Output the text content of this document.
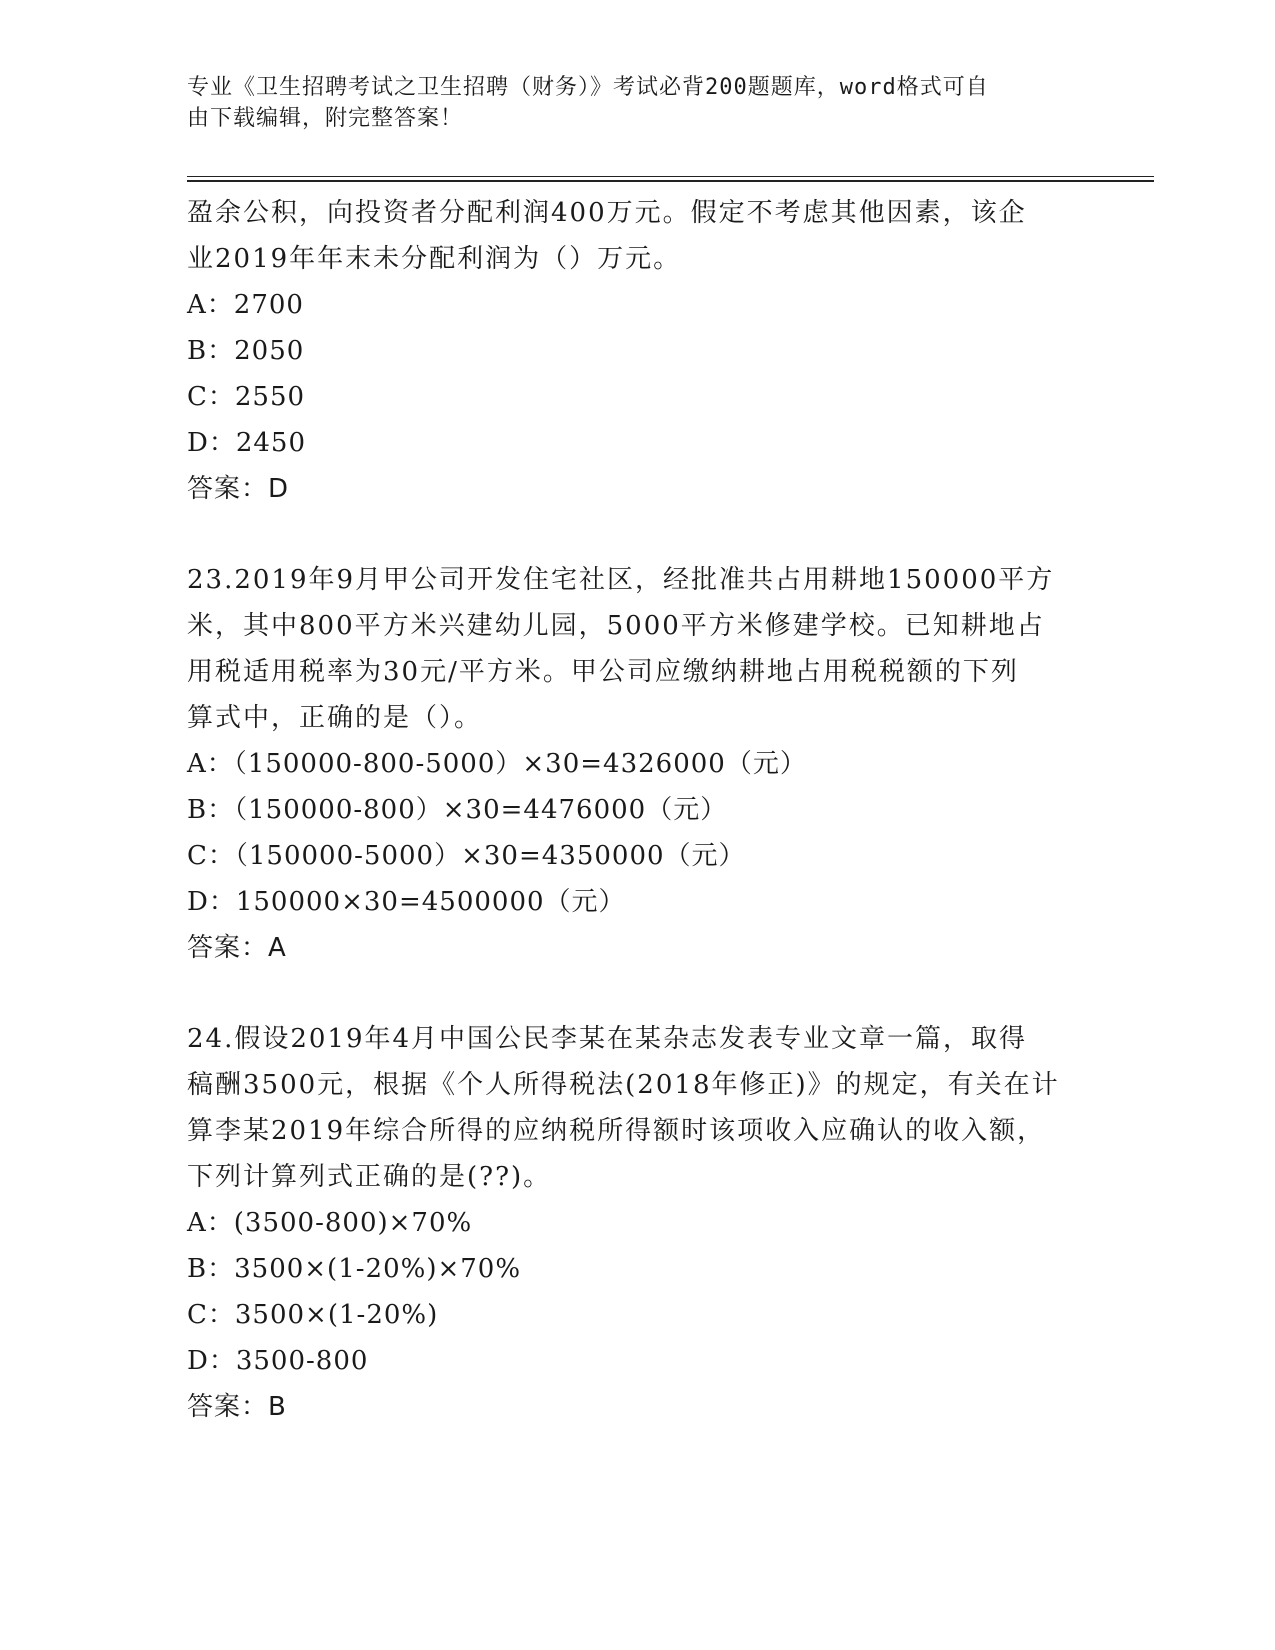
专业《卫生招聘考试之卫生招聘（财务）》考试必背200题题库，word格式可自
由下载编辑，附完整答案！

盈余公积，向投资者分配利润400万元。假定不考虑其他因素，该企

业2019年年末未分配利润为（）万元。

A：2700

B：2050

C：2550

D：2450

答案：D

23.2019年9月甲公司开发住宅社区，经批准共占用耕地150000平方

米，其中800平方米兴建幼儿园，5000平方米修建学校。已知耕地占

用税适用税率为30元/平方米。甲公司应缴纳耕地占用税税额的下列

算式中，正确的是（）。

A：（150000-800-5000）×30=4326000（元）

B：（150000-800）×30=4476000（元）

C：（150000-5000）×30=4350000（元）

D：150000×30=4500000（元）

答案：A

24.假设2019年4月中国公民李某在某杂志发表专业文章一篇，取得

稿酬3500元，根据《个人所得税法(2018年修正)》的规定，有关在计

算李某2019年综合所得的应纳税所得额时该项收入应确认的收入额，

下列计算列式正确的是(??)。

A：(3500-800)×70%

B：3500×(1-20%)×70%

C：3500×(1-20%)

D：3500-800

答案：B
